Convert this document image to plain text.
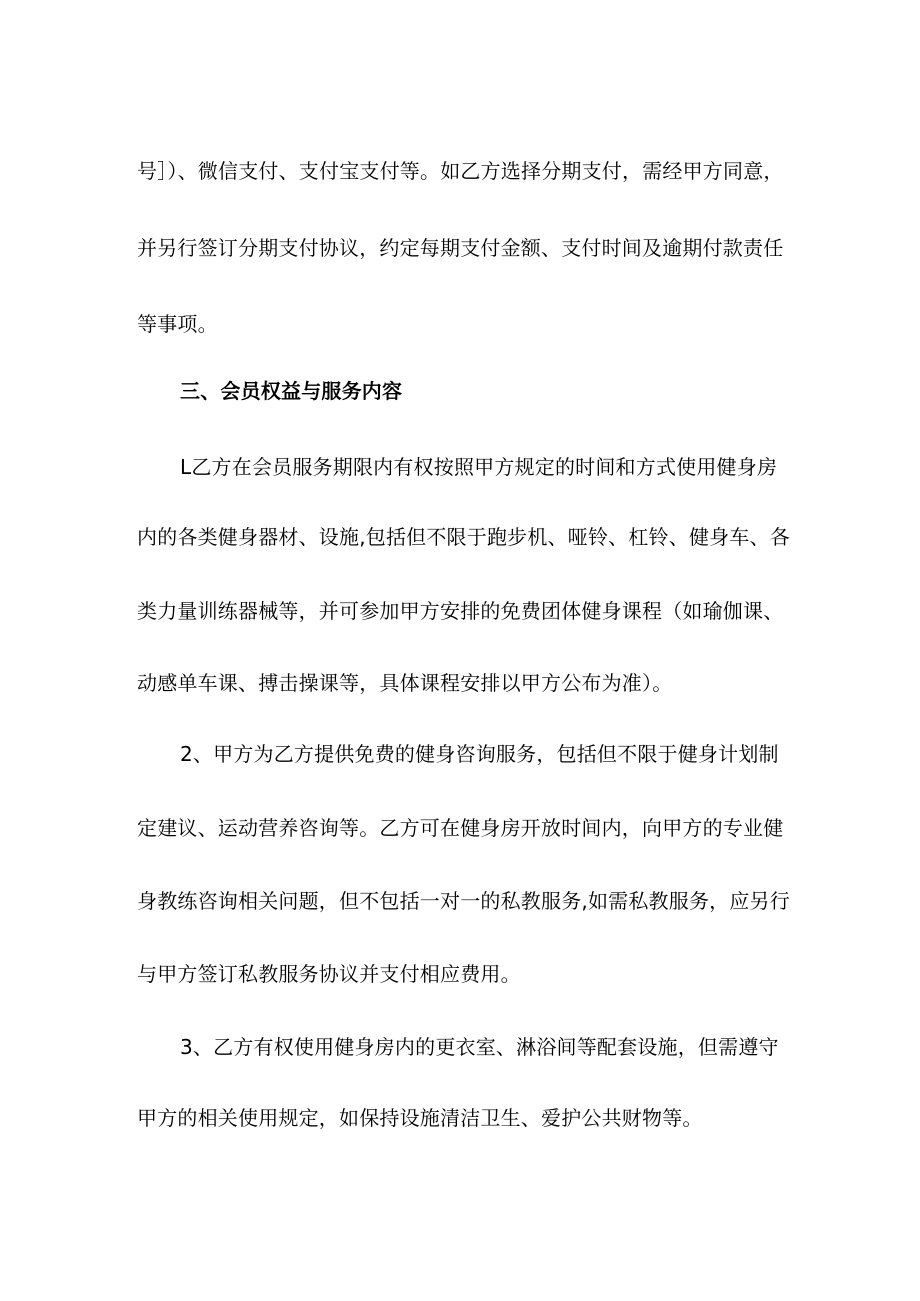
号］）、微信支付、支付宝支付等。如乙方选择分期支付，需经甲方同意，
并另行签订分期支付协议，约定每期支付金额、支付时间及逾期付款责任
等事项。
三、会员权益与服务内容
L乙方在会员服务期限内有权按照甲方规定的时间和方式使用健身房
内的各类健身器材、设施,包括但不限于跑步机、哑铃、杠铃、健身车、各
类力量训练器械等，并可参加甲方安排的免费团体健身课程（如瑜伽课、
动感单车课、搏击操课等，具体课程安排以甲方公布为准）。
2、甲方为乙方提供免费的健身咨询服务，包括但不限于健身计划制
定建议、运动营养咨询等。乙方可在健身房开放时间内，向甲方的专业健
身教练咨询相关问题，但不包括一对一的私教服务,如需私教服务，应另行
与甲方签订私教服务协议并支付相应费用。
3、乙方有权使用健身房内的更衣室、淋浴间等配套设施，但需遵守
甲方的相关使用规定，如保持设施清洁卫生、爱护公共财物等。
